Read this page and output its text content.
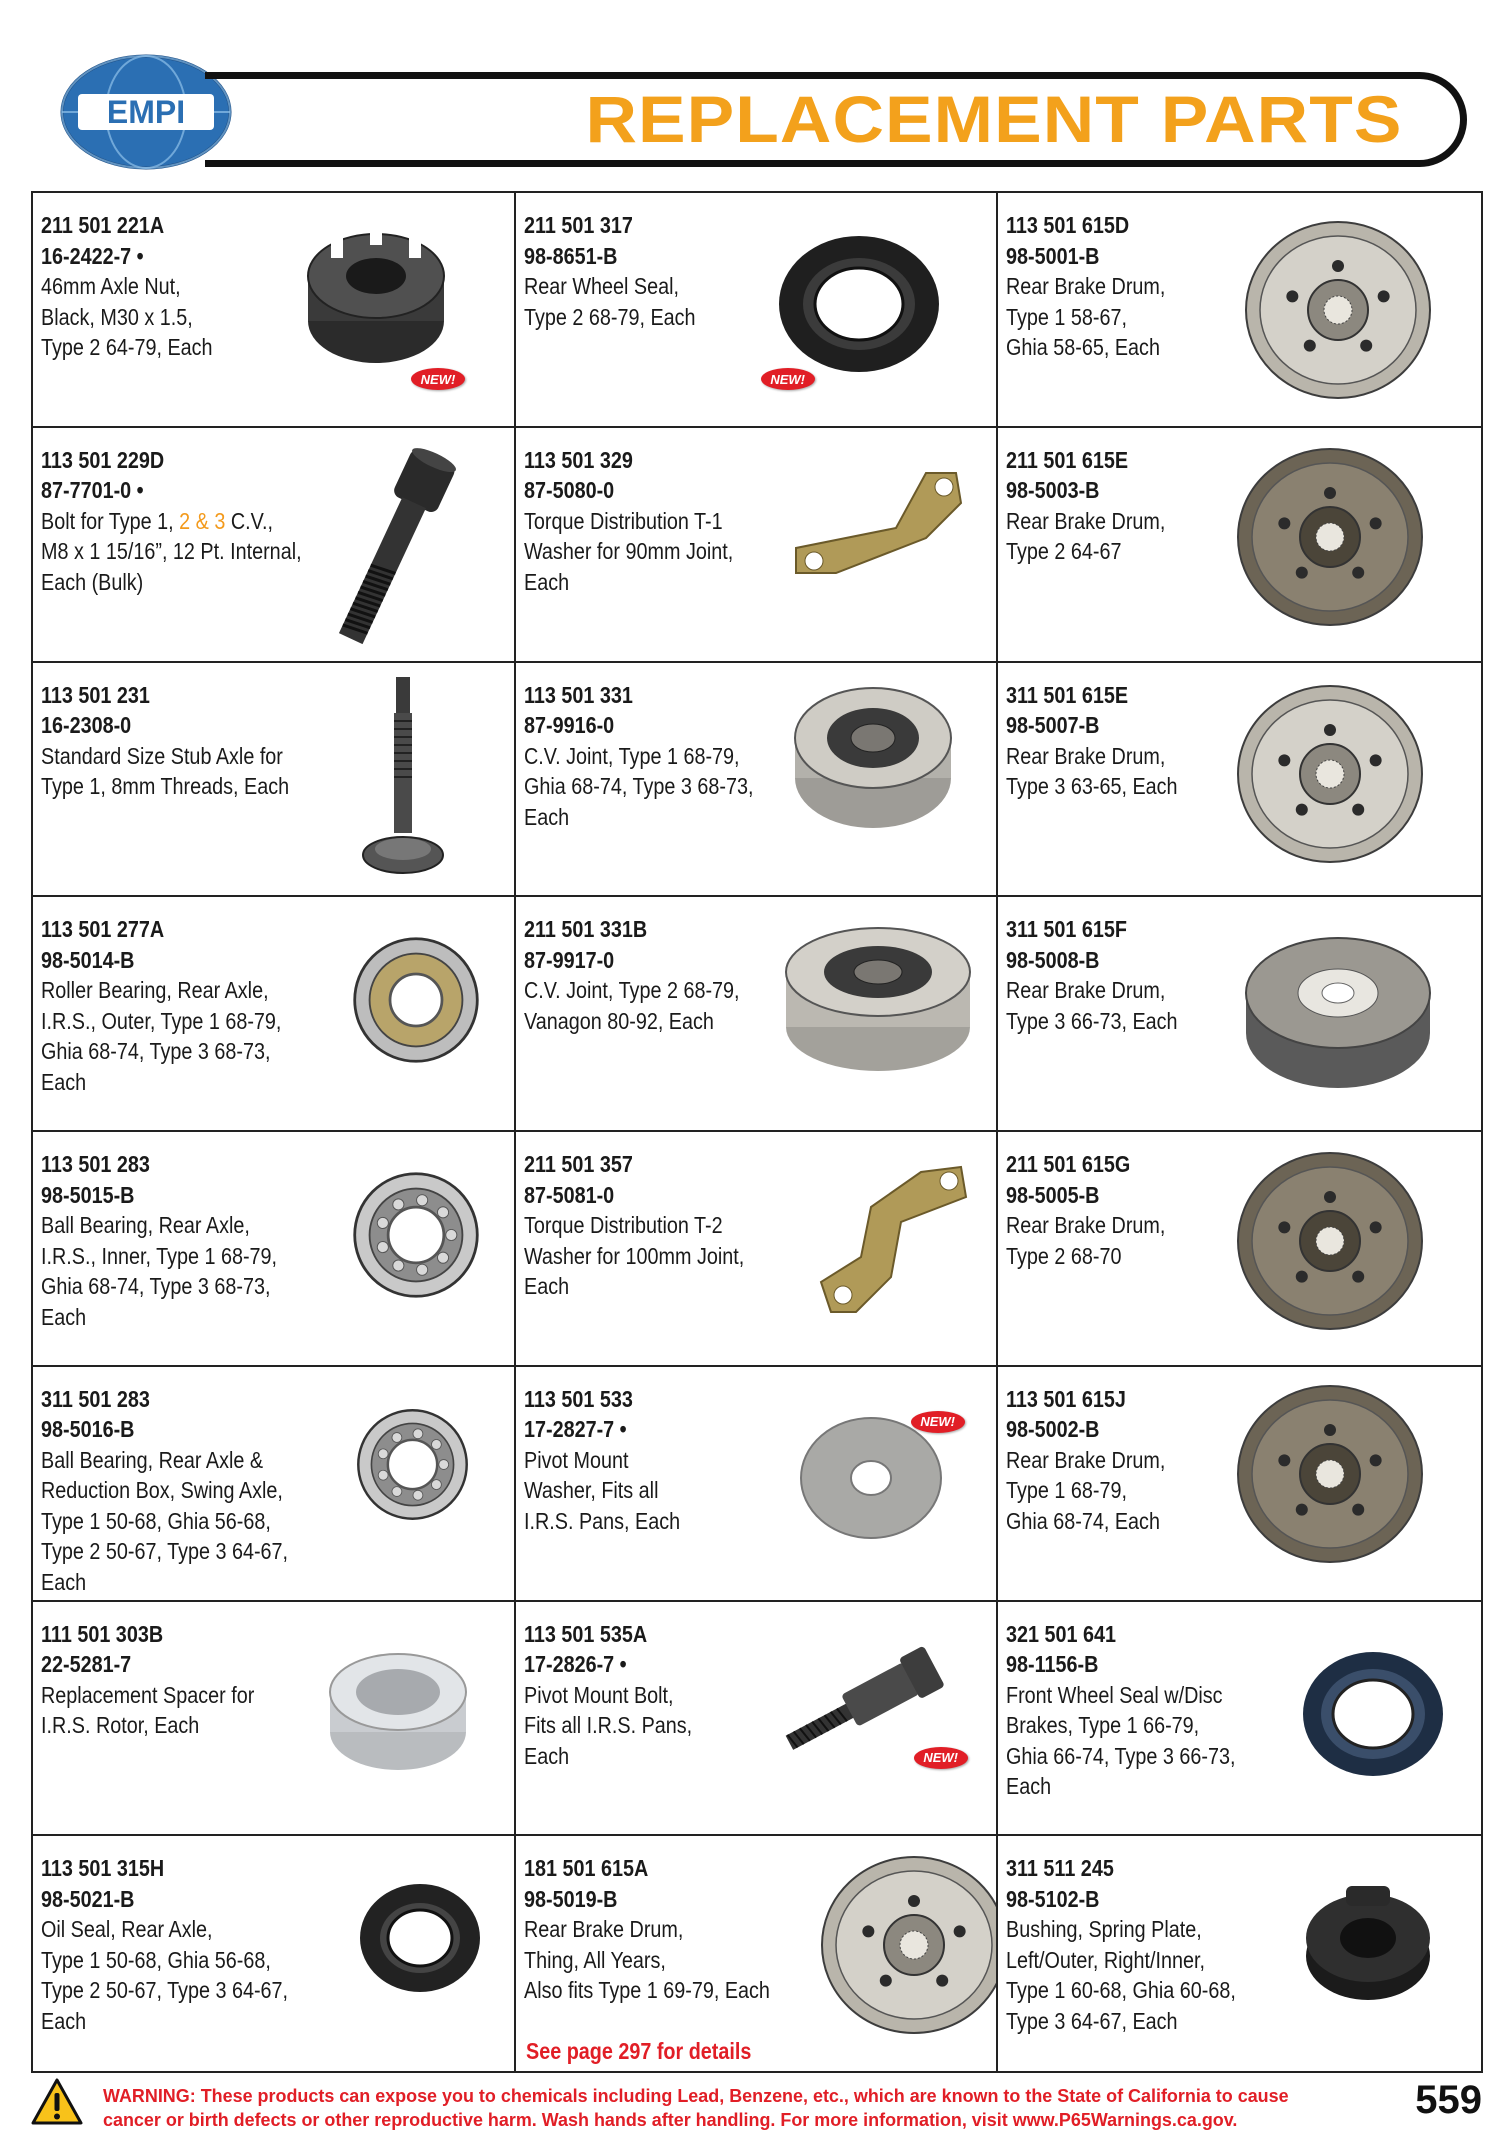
EMPI	REPLACEMENT PARTS
211 501 221A
16-2422-7 •
46mm Axle Nut,
Black, M30 x 1.5,
Type 2 64-79, Each
NEW!
211 501 317
98-8651-B
Rear Wheel Seal,
Type 2 68-79, Each
NEW!
113 501 615D
98-5001-B
Rear Brake Drum,
Type 1 58-67,
Ghia 58-65, Each
113 501 229D
87-7701-0 •
Bolt for Type 1, 2 & 3 C.V.,
M8 x 1 15/16”, 12 Pt. Internal,
Each (Bulk)
113 501 329
87-5080-0
Torque Distribution T-1
Washer for 90mm Joint,
Each
211 501 615E
98-5003-B
Rear Brake Drum,
Type 2 64-67
113 501 231
16-2308-0
Standard Size Stub Axle for
Type 1, 8mm Threads, Each
113 501 331
87-9916-0
C.V. Joint, Type 1 68-79,
Ghia 68-74, Type 3 68-73,
Each
311 501 615E
98-5007-B
Rear Brake Drum,
Type 3 63-65, Each
113 501 277A
98-5014-B
Roller Bearing, Rear Axle,
I.R.S., Outer, Type 1 68-79,
Ghia 68-74, Type 3 68-73,
Each
211 501 331B
87-9917-0
C.V. Joint, Type 2 68-79,
Vanagon 80-92, Each
311 501 615F
98-5008-B
Rear Brake Drum,
Type 3 66-73, Each
113 501 283
98-5015-B
Ball Bearing, Rear Axle,
I.R.S., Inner, Type 1 68-79,
Ghia 68-74, Type 3 68-73,
Each
211 501 357
87-5081-0
Torque Distribution T-2
Washer for 100mm Joint,
Each
211 501 615G
98-5005-B
Rear Brake Drum,
Type 2 68-70
311 501 283
98-5016-B
Ball Bearing, Rear Axle &
Reduction Box, Swing Axle,
Type 1 50-68, Ghia 56-68,
Type 2 50-67, Type 3 64-67,
Each
113 501 533
17-2827-7 •
Pivot Mount
Washer, Fits all
I.R.S. Pans, Each
NEW!
113 501 615J
98-5002-B
Rear Brake Drum,
Type 1 68-79,
Ghia 68-74, Each
111 501 303B
22-5281-7
Replacement Spacer for
I.R.S. Rotor, Each
113 501 535A
17-2826-7 •
Pivot Mount Bolt,
Fits all I.R.S. Pans,
Each	NEW!
321 501 641
98-1156-B
Front Wheel Seal w/Disc
Brakes, Type 1 66-79,
Ghia 66-74, Type 3 66-73,
Each
113 501 315H
98-5021-B
Oil Seal, Rear Axle,
Type 1 50-68, Ghia 56-68,
Type 2 50-67, Type 3 64-67,
Each
181 501 615A
98-5019-B
Rear Brake Drum,
Thing, All Years,
Also fits Type 1 69-79, Each
See page 297 for details
311 511 245
98-5102-B
Bushing, Spring Plate,
Left/Outer, Right/Inner,
Type 1 60-68, Ghia 60-68,
Type 3 64-67, Each
WARNING: These products can expose you to chemicals including Lead, Benzene, etc., which are known to the State of California to cause cancer or birth defects or other reproductive harm. Wash hands after handling. For more information, visit www.P65Warnings.ca.gov.	559
